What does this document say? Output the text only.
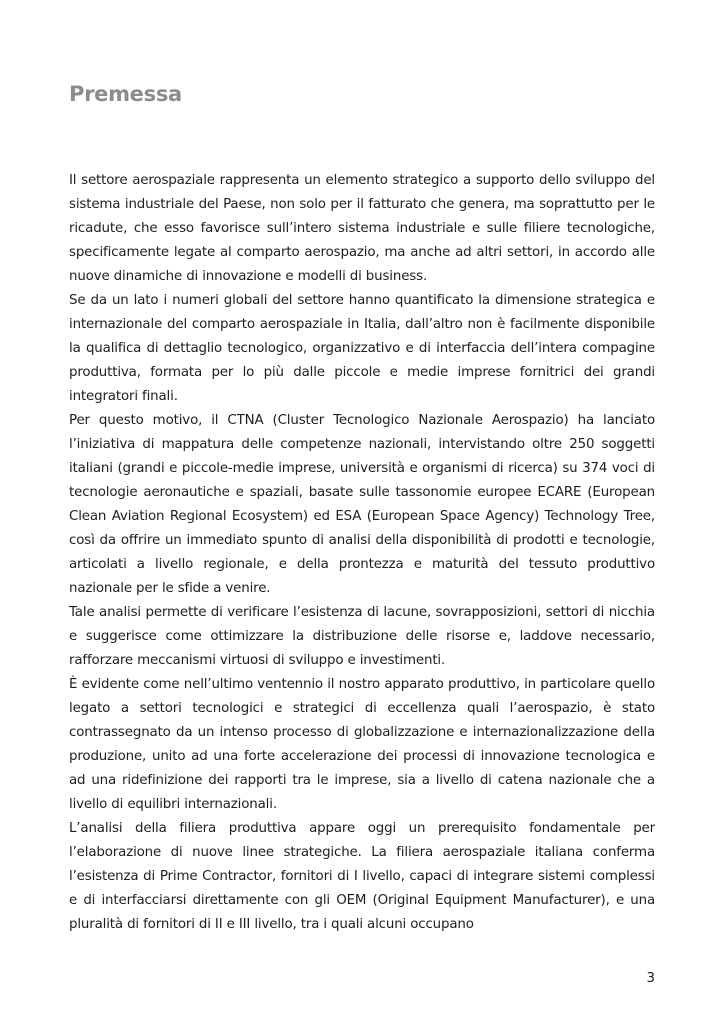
Premessa

Il settore aerospaziale rappresenta un elemento strategico a supporto dello sviluppo del sistema industriale del Paese, non solo per il fatturato che genera, ma soprattutto per le ricadute, che esso favorisce sull’intero sistema industriale e sulle filiere tecnologiche, specificamente legate al comparto aerospazio, ma anche ad altri settori, in accordo alle nuove dinamiche di innovazione e modelli di business.

Se da un lato i numeri globali del settore hanno quantificato la dimensione strategica e internazionale del comparto aerospaziale in Italia, dall’altro non è facilmente disponibile la qualifica di dettaglio tecnologico, organizzativo e di interfaccia dell’intera compagine produttiva, formata per lo più dalle piccole e medie imprese fornitrici dei grandi integratori finali.

Per questo motivo, il CTNA (Cluster Tecnologico Nazionale Aerospazio) ha lanciato l’iniziativa di mappatura delle competenze nazionali, intervistando oltre 250 soggetti italiani (grandi e piccole-medie imprese, università e organismi di ricerca) su 374 voci di tecnologie aeronautiche e spaziali, basate sulle tassonomie europee ECARE (European Clean Aviation Regional Ecosystem) ed ESA (European Space Agency) Technology Tree, così da offrire un immediato spunto di analisi della disponibilità di prodotti e tecnologie, articolati a livello regionale, e della prontezza e maturità del tessuto produttivo nazionale per le sfide a venire.

Tale analisi permette di verificare l’esistenza di lacune, sovrapposizioni, settori di nicchia e suggerisce come ottimizzare la distribuzione delle risorse e, laddove necessario, rafforzare meccanismi virtuosi di sviluppo e investimenti.

È evidente come nell’ultimo ventennio il nostro apparato produttivo, in particolare quello legato a settori tecnologici e strategici di eccellenza quali l’aerospazio, è stato contrassegnato da un intenso processo di globalizzazione e internazionalizzazione della produzione, unito ad una forte accelerazione dei processi di innovazione tecnologica e ad una ridefinizione dei rapporti tra le imprese, sia a livello di catena nazionale che a livello di equilibri internazionali.

L’analisi della filiera produttiva appare oggi un prerequisito fondamentale per l’elaborazione di nuove linee strategiche. La filiera aerospaziale italiana conferma l’esistenza di Prime Contractor, fornitori di I livello, capaci di integrare sistemi complessi e di interfacciarsi direttamente con gli OEM (Original Equipment Manufacturer), e una pluralità di fornitori di II e III livello, tra i quali alcuni occupano

3
